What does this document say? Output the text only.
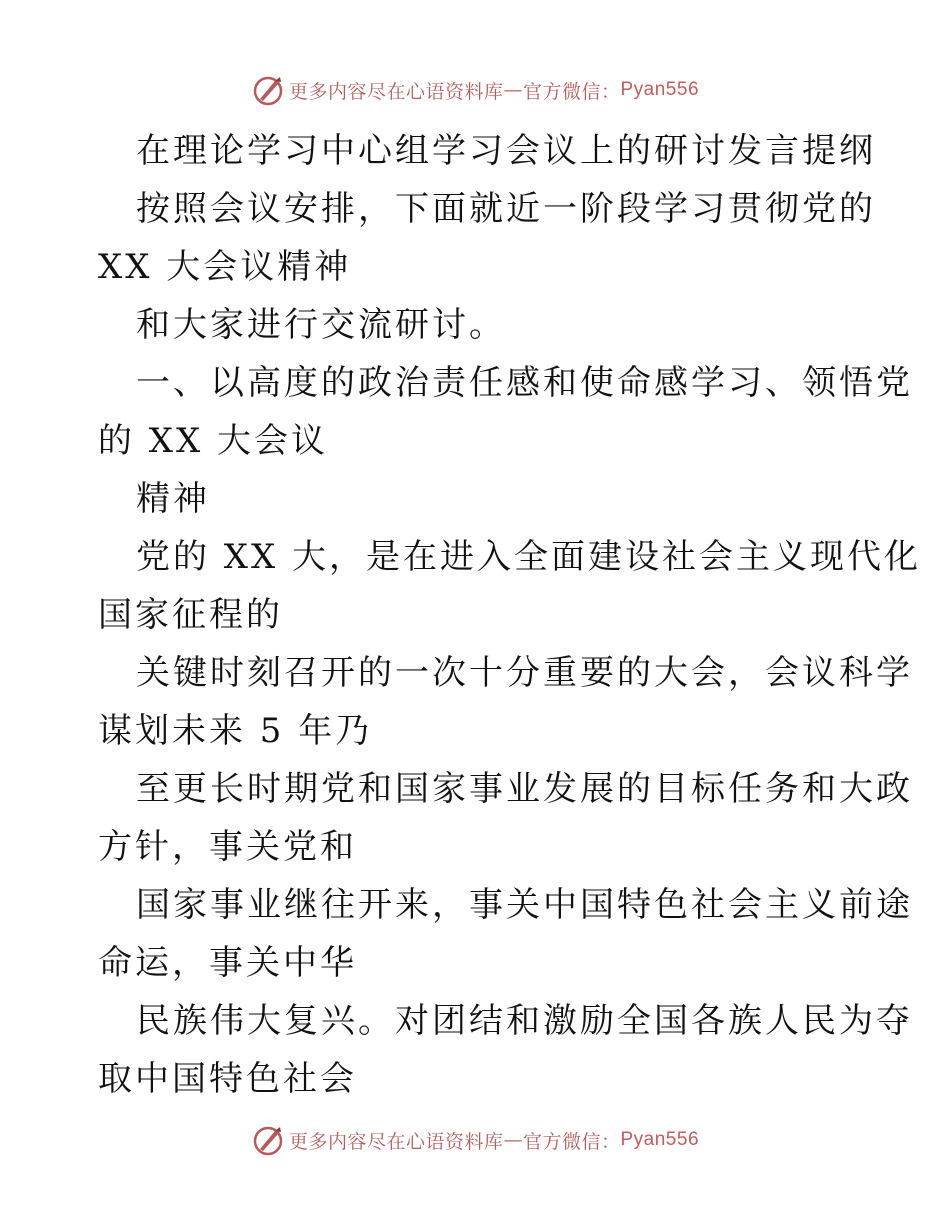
更多内容尽在心语资料库 — 官方微信： Pyan556
在理论学习中心组学习会议上的研讨发言提纲
按照会议安排，下面就近一阶段学习贯彻党的
XX 大会议精神
和大家进行交流研讨。
一、以高度的政治责任感和使命感学习、领悟党
的 XX 大会议
精神
党的 XX 大，是在进入全面建设社会主义现代化
国家征程的
关键时刻召开的一次十分重要的大会，会议科学
谋划未来 5 年乃
至更长时期党和国家事业发展的目标任务和大政
方针，事关党和
国家事业继往开来，事关中国特色社会主义前途
命运，事关中华
民族伟大复兴。对团结和激励全国各族人民为夺
取中国特色社会
更多内容尽在心语资料库 — 官方微信： Pyan556
